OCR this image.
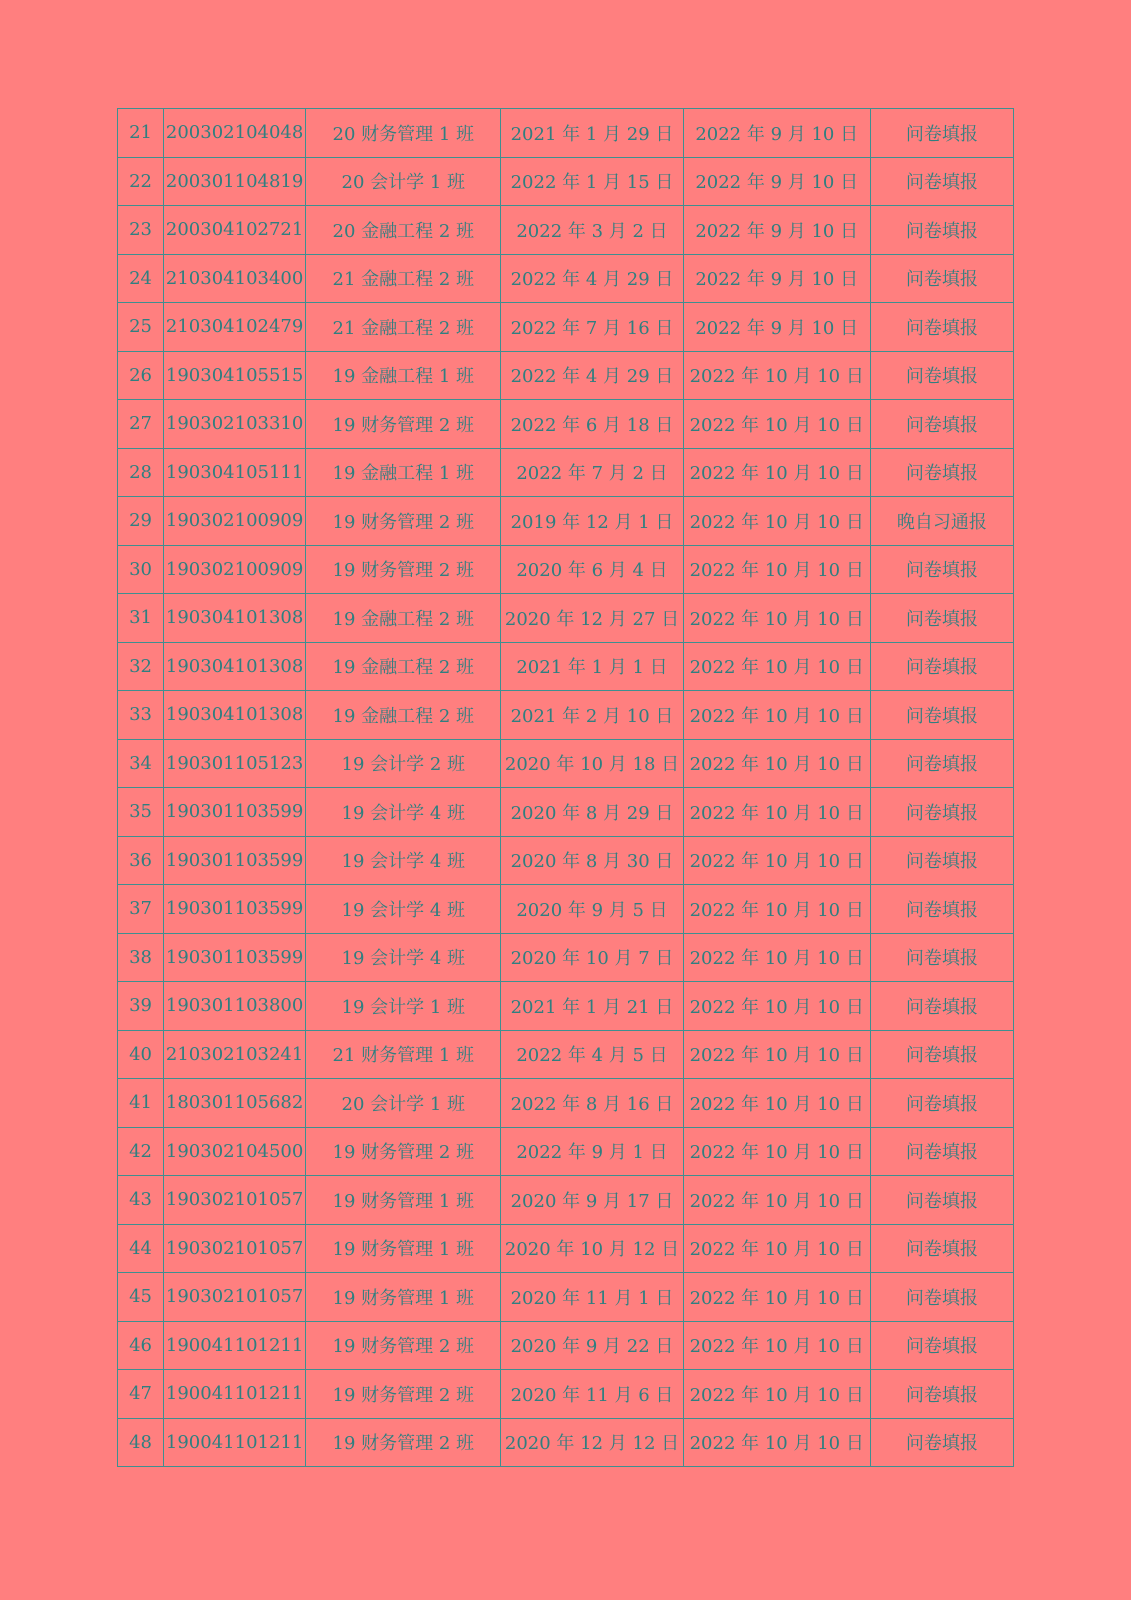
21	200302104048	20 财务管理 1 班	2021 年 1 月 29 日	2022 年 9 月 10 日	问卷填报
22	200301104819	20 会计学 1 班	2022 年 1 月 15 日	2022 年 9 月 10 日	问卷填报
23	200304102721	20 金融工程 2 班	2022 年 3 月 2 日	2022 年 9 月 10 日	问卷填报
24	210304103400	21 金融工程 2 班	2022 年 4 月 29 日	2022 年 9 月 10 日	问卷填报
25	210304102479	21 金融工程 2 班	2022 年 7 月 16 日	2022 年 9 月 10 日	问卷填报
26	190304105515	19 金融工程 1 班	2022 年 4 月 29 日	2022 年 10 月 10 日	问卷填报
27	190302103310	19 财务管理 2 班	2022 年 6 月 18 日	2022 年 10 月 10 日	问卷填报
28	190304105111	19 金融工程 1 班	2022 年 7 月 2 日	2022 年 10 月 10 日	问卷填报
29	190302100909	19 财务管理 2 班	2019 年 12 月 1 日	2022 年 10 月 10 日	晚自习通报
30	190302100909	19 财务管理 2 班	2020 年 6 月 4 日	2022 年 10 月 10 日	问卷填报
31	190304101308	19 金融工程 2 班	2020 年 12 月 27 日	2022 年 10 月 10 日	问卷填报
32	190304101308	19 金融工程 2 班	2021 年 1 月 1 日	2022 年 10 月 10 日	问卷填报
33	190304101308	19 金融工程 2 班	2021 年 2 月 10 日	2022 年 10 月 10 日	问卷填报
34	190301105123	19 会计学 2 班	2020 年 10 月 18 日	2022 年 10 月 10 日	问卷填报
35	190301103599	19 会计学 4 班	2020 年 8 月 29 日	2022 年 10 月 10 日	问卷填报
36	190301103599	19 会计学 4 班	2020 年 8 月 30 日	2022 年 10 月 10 日	问卷填报
37	190301103599	19 会计学 4 班	2020 年 9 月 5 日	2022 年 10 月 10 日	问卷填报
38	190301103599	19 会计学 4 班	2020 年 10 月 7 日	2022 年 10 月 10 日	问卷填报
39	190301103800	19 会计学 1 班	2021 年 1 月 21 日	2022 年 10 月 10 日	问卷填报
40	210302103241	21 财务管理 1 班	2022 年 4 月 5 日	2022 年 10 月 10 日	问卷填报
41	180301105682	20 会计学 1 班	2022 年 8 月 16 日	2022 年 10 月 10 日	问卷填报
42	190302104500	19 财务管理 2 班	2022 年 9 月 1 日	2022 年 10 月 10 日	问卷填报
43	190302101057	19 财务管理 1 班	2020 年 9 月 17 日	2022 年 10 月 10 日	问卷填报
44	190302101057	19 财务管理 1 班	2020 年 10 月 12 日	2022 年 10 月 10 日	问卷填报
45	190302101057	19 财务管理 1 班	2020 年 11 月 1 日	2022 年 10 月 10 日	问卷填报
46	190041101211	19 财务管理 2 班	2020 年 9 月 22 日	2022 年 10 月 10 日	问卷填报
47	190041101211	19 财务管理 2 班	2020 年 11 月 6 日	2022 年 10 月 10 日	问卷填报
48	190041101211	19 财务管理 2 班	2020 年 12 月 12 日	2022 年 10 月 10 日	问卷填报
